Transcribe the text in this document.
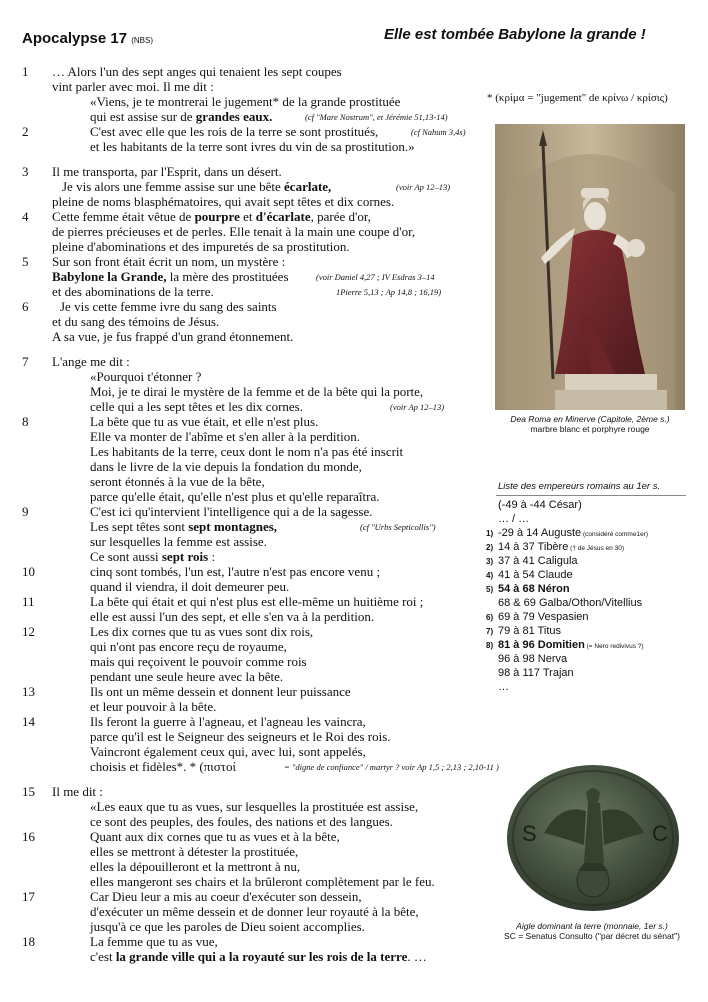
Apocalypse 17 (NBS)	Elle est tombée Babylone la grande !
1 … Alors l'un des sept anges qui tenaient les sept coupes
vint parler avec moi. Il me dit :
«Viens, je te montrerai le jugement* de la grande prostituée
qui est assise sur de grandes eaux.	(cf "Mare Nostrum", et Jérémie 51,13-14)
2	C'est avec elle que les rois de la terre se sont prostitués,	(cf Nahum 3,4s)
et les habitants de la terre sont ivres du vin de sa prostitution.»
3 Il me transporta, par l'Esprit, dans un désert.
Je vis alors une femme assise sur une bête écarlate,	(voir Ap 12–13)
pleine de noms blasphématoires, qui avait sept têtes et dix cornes.
4 Cette femme était vêtue de pourpre et d'écarlate, parée d'or,
de pierres précieuses et de perles. Elle tenait à la main une coupe d'or,
pleine d'abominations et des impuretés de sa prostitution.
5 Sur son front était écrit un nom, un mystère :
Babylone la Grande, la mère des prostituées	(voir Daniel 4,27 ; IV Esdras 3–14
et des abominations de la terre.	1Pierre 5,13 ; Ap 14,8 ; 16,19)
6 Je vis cette femme ivre du sang des saints
et du sang des témoins de Jésus.
A sa vue, je fus frappé d'un grand étonnement.
7 L'ange me dit :
«Pourquoi t'étonner ?
Moi, je te dirai le mystère de la femme et de la bête qui la porte,
celle qui a les sept têtes et les dix cornes.	(voir Ap 12–13)
8	La bête que tu as vue était, et elle n'est plus.
Elle va monter de l'abîme et s'en aller à la perdition.
Les habitants de la terre, ceux dont le nom n'a pas été inscrit
dans le livre de la vie depuis la fondation du monde,
seront étonnés à la vue de la bête,
parce qu'elle était, qu'elle n'est plus et qu'elle reparaîtra.
9	C'est ici qu'intervient l'intelligence qui a de la sagesse.
Les sept têtes sont sept montagnes,	(cf "Urbs Septicollis")
sur lesquelles la femme est assise.
Ce sont aussi sept rois :
10	cinq sont tombés, l'un est, l'autre n'est pas encore venu ;
quand il viendra, il doit demeurer peu.
11	La bête qui était et qui n'est plus est elle-même un huitième roi ;
elle est aussi l'un des sept, et elle s'en va à la perdition.
12	Les dix cornes que tu as vues sont dix rois,
qui n'ont pas encore reçu de royaume,
mais qui reçoivent le pouvoir comme rois
pendant une seule heure avec la bête.
13	Ils ont un même dessein et donnent leur puissance
et leur pouvoir à la bête.
14	Ils feront la guerre à l'agneau, et l'agneau les vaincra,
parce qu'il est le Seigneur des seigneurs et le Roi des rois.
Vaincront également ceux qui, avec lui, sont appelés,
choisis et fidèles*. * (πιστοί	= "digne de confiance" / martyr ? voir Ap 1,5 ; 2,13 ; 2,10-11 )
15 Il me dit :
«Les eaux que tu as vues, sur lesquelles la prostituée est assise,
ce sont des peuples, des foules, des nations et des langues.
16	Quant aux dix cornes que tu as vues et à la bête,
elles se mettront à détester la prostituée,
elles la dépouilleront et la mettront à nu,
elles mangeront ses chairs et la brûleront complètement par le feu.
17	Car Dieu leur a mis au coeur d'exécuter son dessein,
d'exécuter un même dessein et de donner leur royauté à la bête,
jusqu'à ce que les paroles de Dieu soient accomplies.
18	La femme que tu as vue,
c'est la grande ville qui a la royauté sur les rois de la terre. …
* (κρίμα = "jugement" de κρίνω / κρίσις)
Dea Roma en Minerve (Capitole, 2ème s.)
marbre blanc et porphyre rouge
Liste des empereurs romains au 1er s.
(-49 à -44 César)
… / …
1) -29 à 14 Auguste (considéré comme1er)
2) 14 à 37 Tibère († de Jésus en 30)
3) 37 à 41 Caligula
4) 41 à 54 Claude
5) 54 à 68 Néron
68 & 69 Galba/Othon/Vitellius
6) 69 à 79 Vespasien
7) 79 à 81 Titus
8) 81 à 96 Domitien (= Nero redivivus ?)
96 à 98 Nerva
98 à 117 Trajan
…
S	C
Aigle dominant la terre (monnaie, 1er s.)
SC = Senatus Consulto ("par décret du sénat")
